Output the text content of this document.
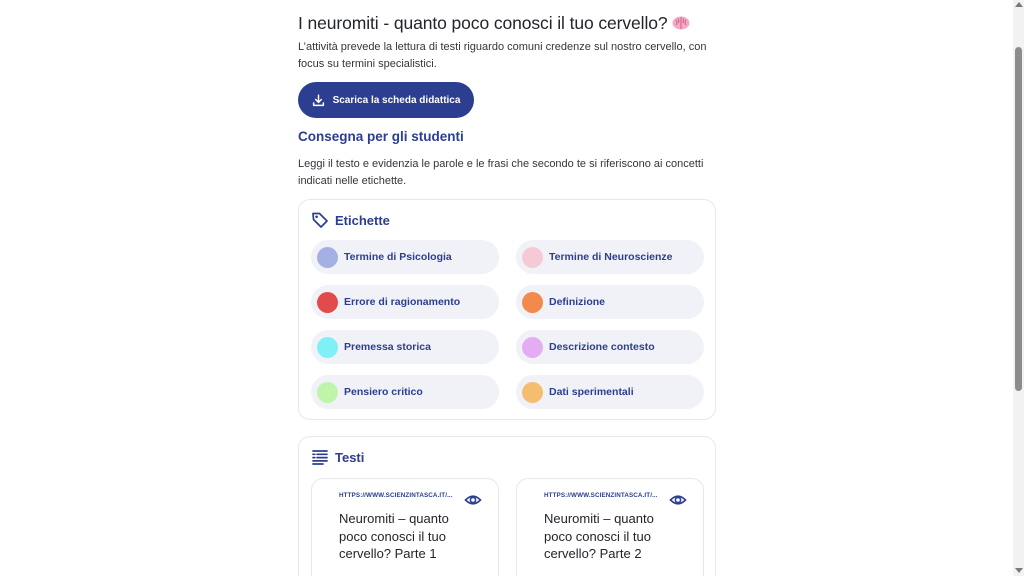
I neuromiti - quanto poco conosci il tuo cervello?

L’attività prevede la lettura di testi riguardo comuni credenze sul nostro cervello, con focus su termini specialistici.

Scarica la scheda didattica
Consegna per gli studenti

Leggi il testo e evidenzia le parole e le frasi che secondo te si riferiscono ai concetti indicati nelle etichette.

Etichette
Termine di Psicologia	Termine di Neuroscienze
Errore di ragionamento	Definizione
Premessa storica	Descrizione contesto
Pensiero critico	Dati sperimentali
Testi
HTTPS://WWW.SCIENZINTASCA.IT/...
Neuromiti – quanto poco conosci il tuo cervello? Parte 1
HTTPS://WWW.SCIENZINTASCA.IT/...
Neuromiti – quanto poco conosci il tuo cervello? Parte 2
